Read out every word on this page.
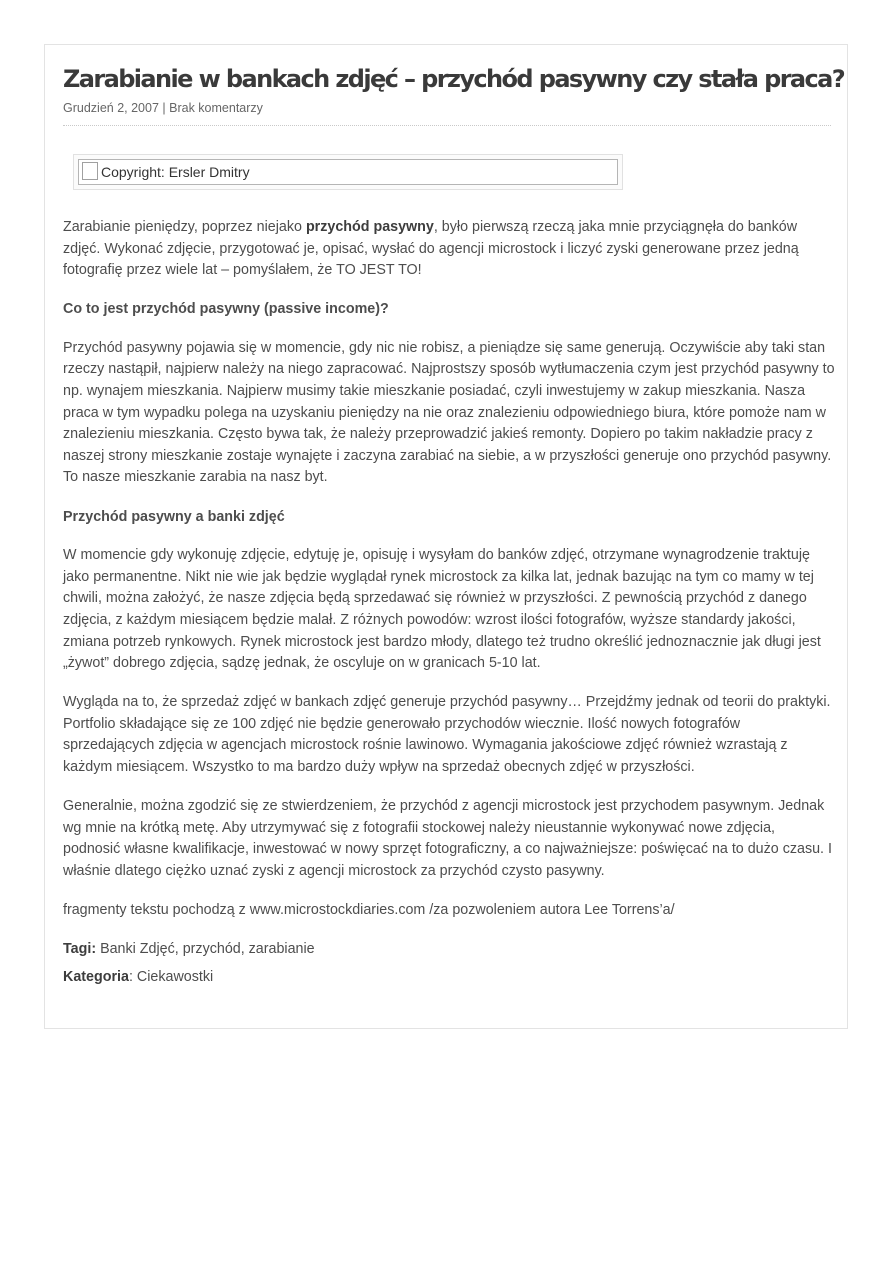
Zarabianie w bankach zdjęć – przychód pasywny czy stała praca?
Grudzień 2, 2007 | Brak komentarzy
Copyright: Ersler Dmitry

Zarabianie pieniędzy, poprzez niejako przychód pasywny, było pierwszą rzeczą jaka mnie przyciągnęła do banków zdjęć. Wykonać zdjęcie, przygotować je, opisać, wysłać do agencji microstock i liczyć zyski generowane przez jedną fotografię przez wiele lat – pomyślałem, że TO JEST TO!

Co to jest przychód pasywny (passive income)?

Przychód pasywny pojawia się w momencie, gdy nic nie robisz, a pieniądze się same generują. Oczywiście aby taki stan rzeczy nastąpił, najpierw należy na niego zapracować. Najprostszy sposób wytłumaczenia czym jest przychód pasywny to np. wynajem mieszkania. Najpierw musimy takie mieszkanie posiadać, czyli inwestujemy w zakup mieszkania. Nasza praca w tym wypadku polega na uzyskaniu pieniędzy na nie oraz znalezieniu odpowiedniego biura, które pomoże nam w znalezieniu mieszkania. Często bywa tak, że należy przeprowadzić jakieś remonty. Dopiero po takim nakładzie pracy z naszej strony mieszkanie zostaje wynajęte i zaczyna zarabiać na siebie, a w przyszłości generuje ono przychód pasywny. To nasze mieszkanie zarabia na nasz byt.

Przychód pasywny a banki zdjęć

W momencie gdy wykonuję zdjęcie, edytuję je, opisuję i wysyłam do banków zdjęć, otrzymane wynagrodzenie traktuję jako permanentne. Nikt nie wie jak będzie wyglądał rynek microstock za kilka lat, jednak bazując na tym co mamy w tej chwili, można założyć, że nasze zdjęcia będą sprzedawać się również w przyszłości. Z pewnością przychód z danego zdjęcia, z każdym miesiącem będzie malał. Z różnych powodów: wzrost ilości fotografów, wyższe standardy jakości, zmiana potrzeb rynkowych. Rynek microstock jest bardzo młody, dlatego też trudno określić jednoznacznie jak długi jest „żywot” dobrego zdjęcia, sądzę jednak, że oscyluje on w granicach 5-10 lat.

Wygląda na to, że sprzedaż zdjęć w bankach zdjęć generuje przychód pasywny… Przejdźmy jednak od teorii do praktyki. Portfolio składające się ze 100 zdjęć nie będzie generowało przychodów wiecznie. Ilość nowych fotografów sprzedających zdjęcia w agencjach microstock rośnie lawinowo. Wymagania jakościowe zdjęć również wzrastają z każdym miesiącem. Wszystko to ma bardzo duży wpływ na sprzedaż obecnych zdjęć w przyszłości.

Generalnie, można zgodzić się ze stwierdzeniem, że przychód z agencji microstock jest przychodem pasywnym. Jednak wg mnie na krótką metę. Aby utrzymywać się z fotografii stockowej należy nieustannie wykonywać nowe zdjęcia, podnosić własne kwalifikacje, inwestować w nowy sprzęt fotograficzny, a co najważniejsze: poświęcać na to dużo czasu. I właśnie dlatego ciężko uznać zyski z agencji microstock za przychód czysto pasywny.

fragmenty tekstu pochodzą z www.microstockdiaries.com /za pozwoleniem autora Lee Torrens’a/

Tagi: Banki Zdjęć, przychód, zarabianie

Kategoria: Ciekawostki
